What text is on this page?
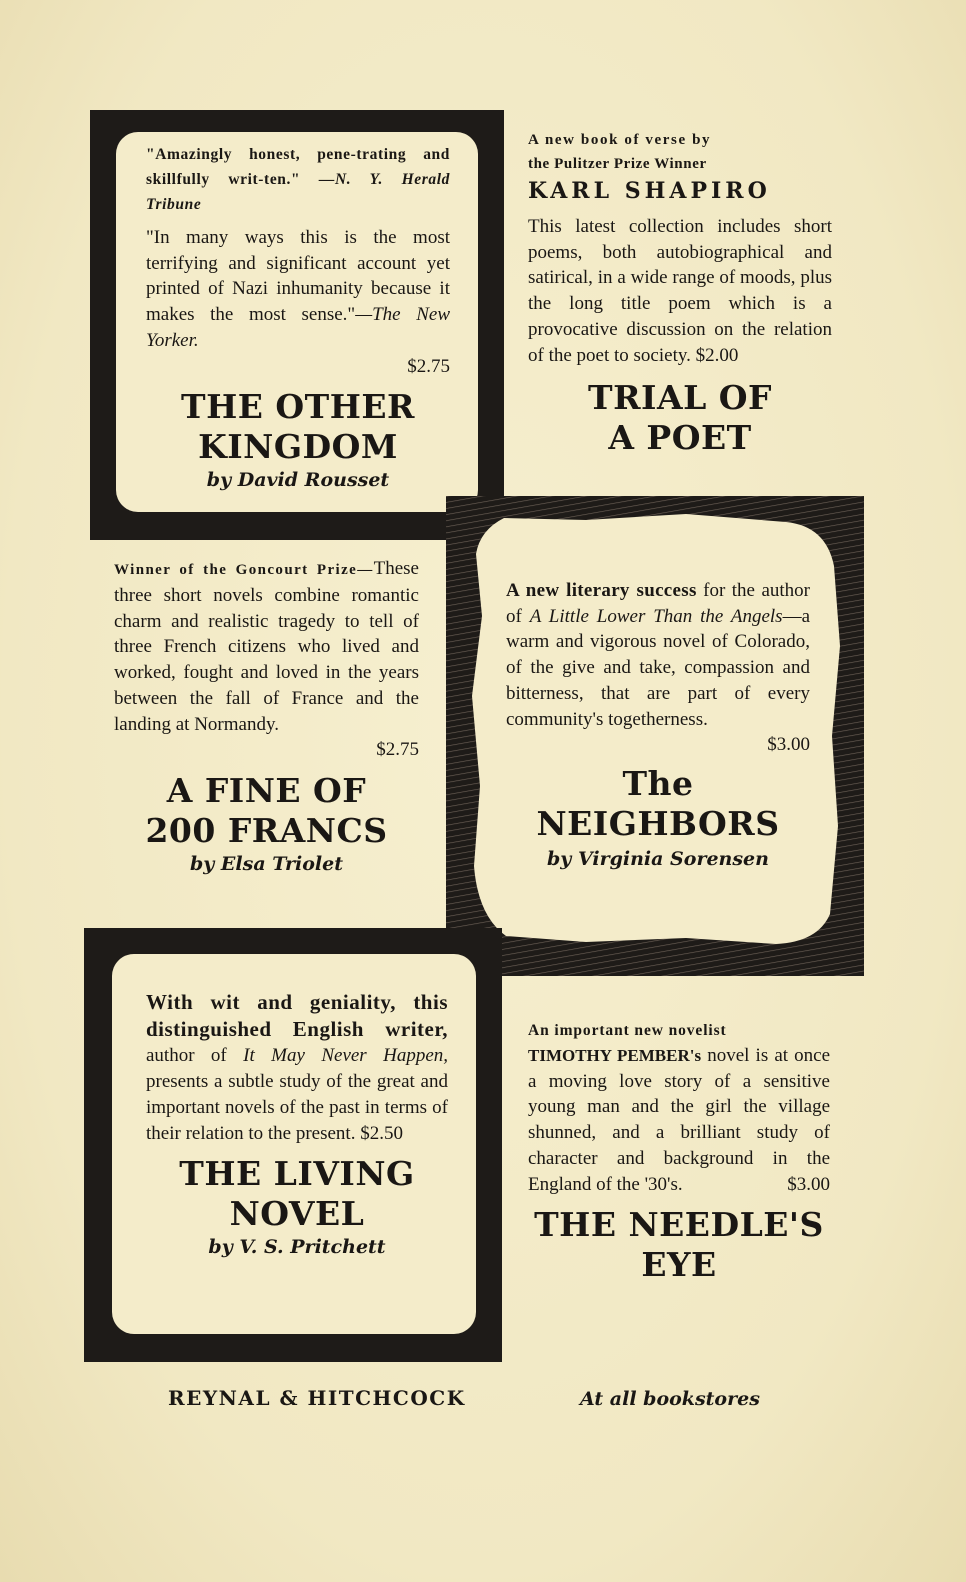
"Amazingly honest, pene-trating and skillfully writ-ten." —N. Y. Herald Tribune
"In many ways this is the most terrifying and significant account yet printed of Nazi inhumanity because it makes the most sense."—The New Yorker.
$2.75
THE OTHER
KINGDOM
by David Rousset
A new book of verse by
the Pulitzer Prize Winner
KARL SHAPIRO
This latest collection includes short poems, both autobiographical and satirical, in a wide range of moods, plus the long title poem which is a provocative discussion on the relation of the poet to society. $2.00
TRIAL OF
A POET
A new literary success for the author of A Little Lower Than the Angels—a warm and vigorous novel of Colorado, of the give and take, compassion and bitterness, that are part of every community's togetherness.
$3.00
The
NEIGHBORS
by Virginia Sorensen
Winner of the Goncourt Prize—These three short novels combine romantic charm and realistic tragedy to tell of three French citizens who lived and worked, fought and loved in the years between the fall of France and the landing at Normandy.
$2.75
A FINE OF
200 FRANCS
by Elsa Triolet
With wit and geniality, this distinguished English writer, author of It May Never Happen, presents a subtle study of the great and important novels of the past in terms of their relation to the present. $2.50
THE LIVING
NOVEL
by V. S. Pritchett
An important new novelist
TIMOTHY PEMBER's novel is at once a moving love story of a sensitive young man and the girl the village shunned, and a brilliant study of character and background in the England of the '30's.	$3.00
THE NEEDLE'S
EYE
REYNAL & HITCHCOCK	At all bookstores
